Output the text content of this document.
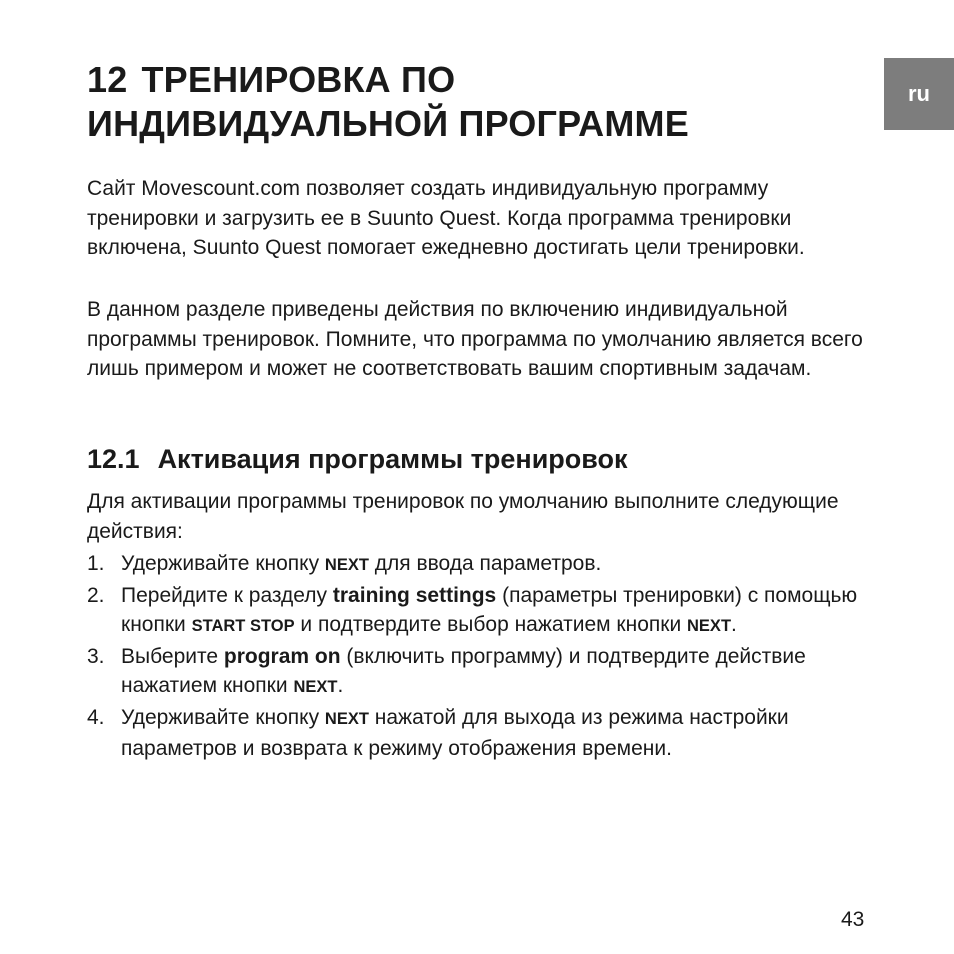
ru
12 ТРЕНИРОВКА ПО
ИНДИВИДУАЛЬНОЙ ПРОГРАММЕ

Сайт Movescount.com позволяет создать индивидуальную программу тренировки и загрузить ее в Suunto Quest. Когда программа тренировки включена, Suunto Quest помогает ежедневно достигать цели тренировки.

В данном разделе приведены действия по включению индивидуальной программы тренировок. Помните, что программа по умолчанию является всего лишь примером и может не соответствовать вашим спортивным задачам.

12.1 Активация программы тренировок

Для активации программы тренировок по умолчанию выполните следующие действия:

1. Удерживайте кнопку NEXT для ввода параметров.
2. Перейдите к разделу training settings (параметры тренировки) с помощью кнопки START STOP и подтвердите выбор нажатием кнопки NEXT.
3. Выберите program on (включить программу) и подтвердите действие нажатием кнопки NEXT.
4. Удерживайте кнопку NEXT нажатой для выхода из режима настройки параметров и возврата к режиму отображения времени.
43
